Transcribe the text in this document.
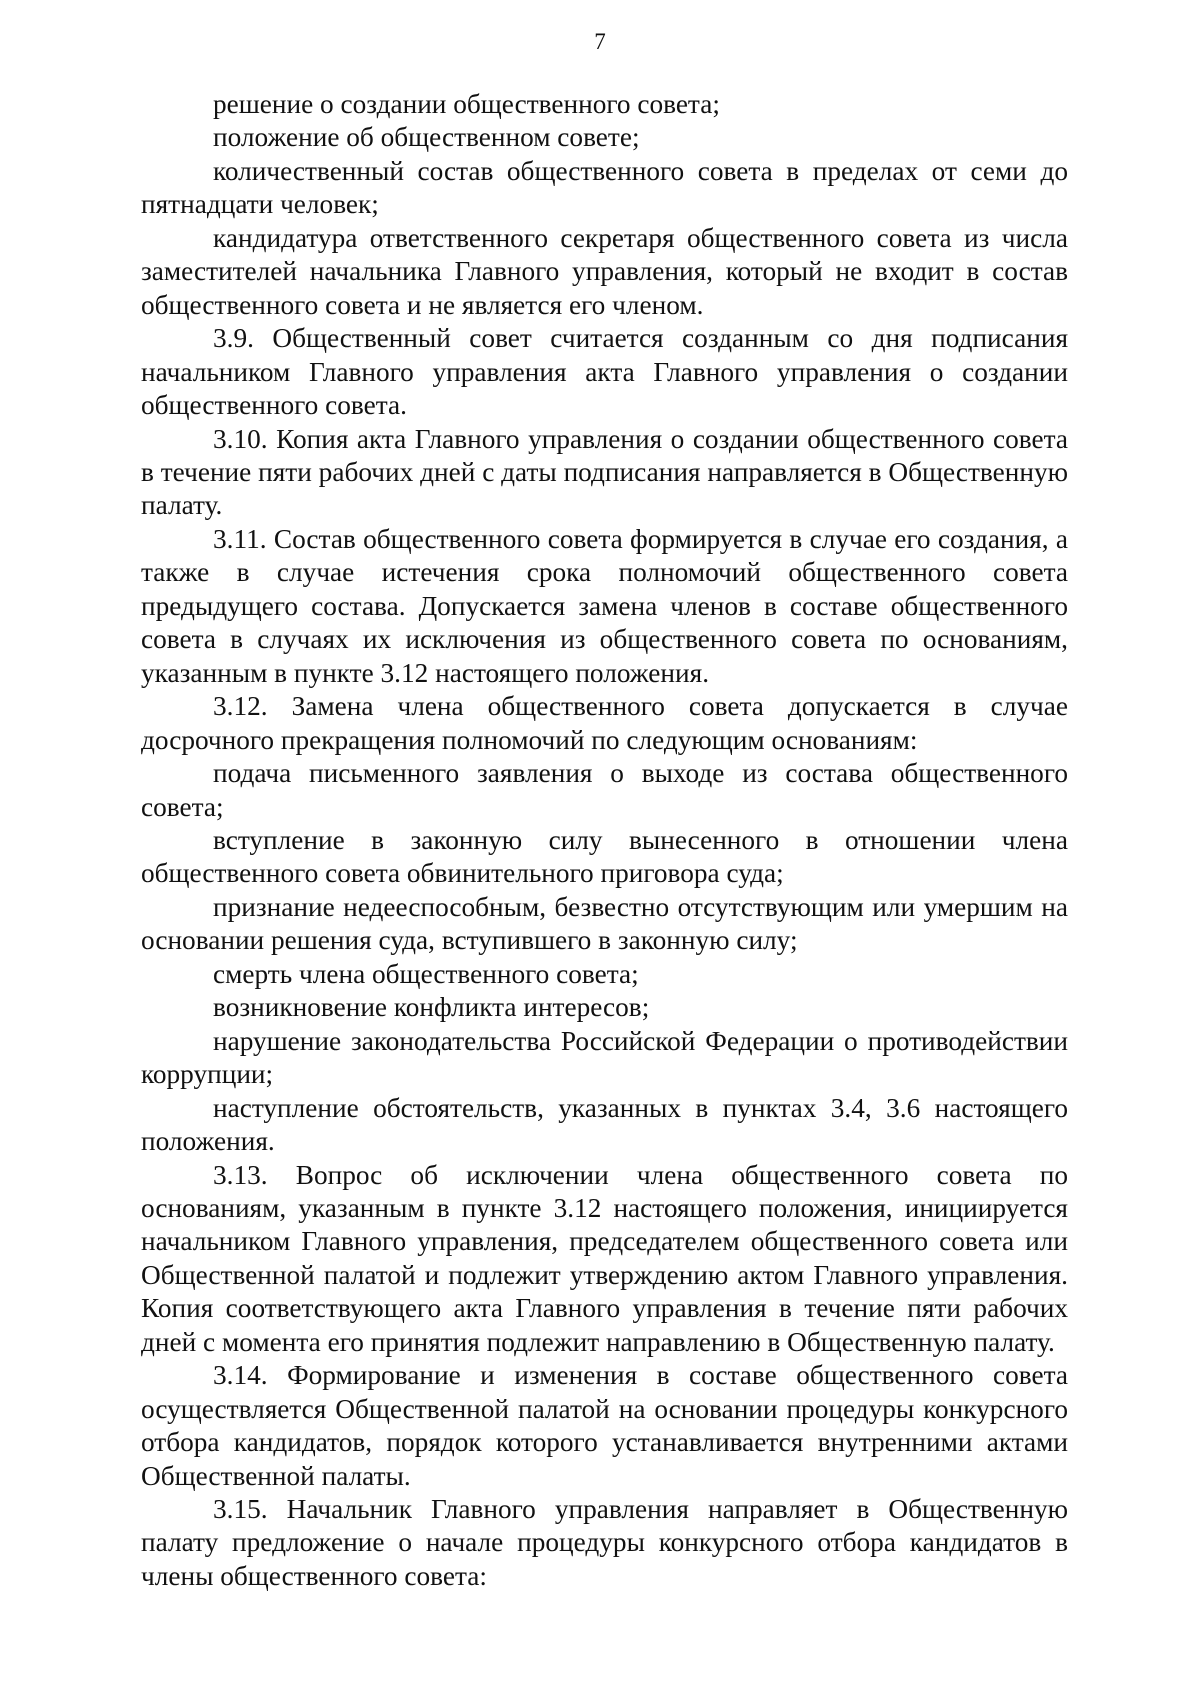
7

решение о создании общественного совета;

положение об общественном совете;

количественный состав общественного совета в пределах от семи до пятнадцати человек;

кандидатура ответственного секретаря общественного совета из числа заместителей начальника Главного управления, который не входит в состав общественного совета и не является его членом.

3.9. Общественный совет считается созданным со дня подписания начальником Главного управления акта Главного управления о создании общественного совета.

3.10. Копия акта Главного управления о создании общественного совета в течение пяти рабочих дней с даты подписания направляется в Общественную палату.

3.11. Состав общественного совета формируется в случае его создания, а также в случае истечения срока полномочий общественного совета предыдущего состава. Допускается замена членов в составе общественного совета в случаях их исключения из общественного совета по основаниям, указанным в пункте 3.12 настоящего положения.

3.12. Замена члена общественного совета допускается в случае досрочного прекращения полномочий по следующим основаниям:

подача письменного заявления о выходе из состава общественного совета;

вступление в законную силу вынесенного в отношении члена общественного совета обвинительного приговора суда;

признание недееспособным, безвестно отсутствующим или умершим на основании решения суда, вступившего в законную силу;

смерть члена общественного совета;

возникновение конфликта интересов;

нарушение законодательства Российской Федерации о противодействии коррупции;

наступление обстоятельств, указанных в пунктах 3.4, 3.6 настоящего положения.

3.13. Вопрос об исключении члена общественного совета по основаниям, указанным в пункте 3.12 настоящего положения, инициируется начальником Главного управления, председателем общественного совета или Общественной палатой и подлежит утверждению актом Главного управления. Копия соответствующего акта Главного управления в течение пяти рабочих дней с момента его принятия подлежит направлению в Общественную палату.

3.14. Формирование и изменения в составе общественного совета осуществляется Общественной палатой на основании процедуры конкурсного отбора кандидатов, порядок которого устанавливается внутренними актами Общественной палаты.

3.15. Начальник Главного управления направляет в Общественную палату предложение о начале процедуры конкурсного отбора кандидатов в члены общественного совета:
